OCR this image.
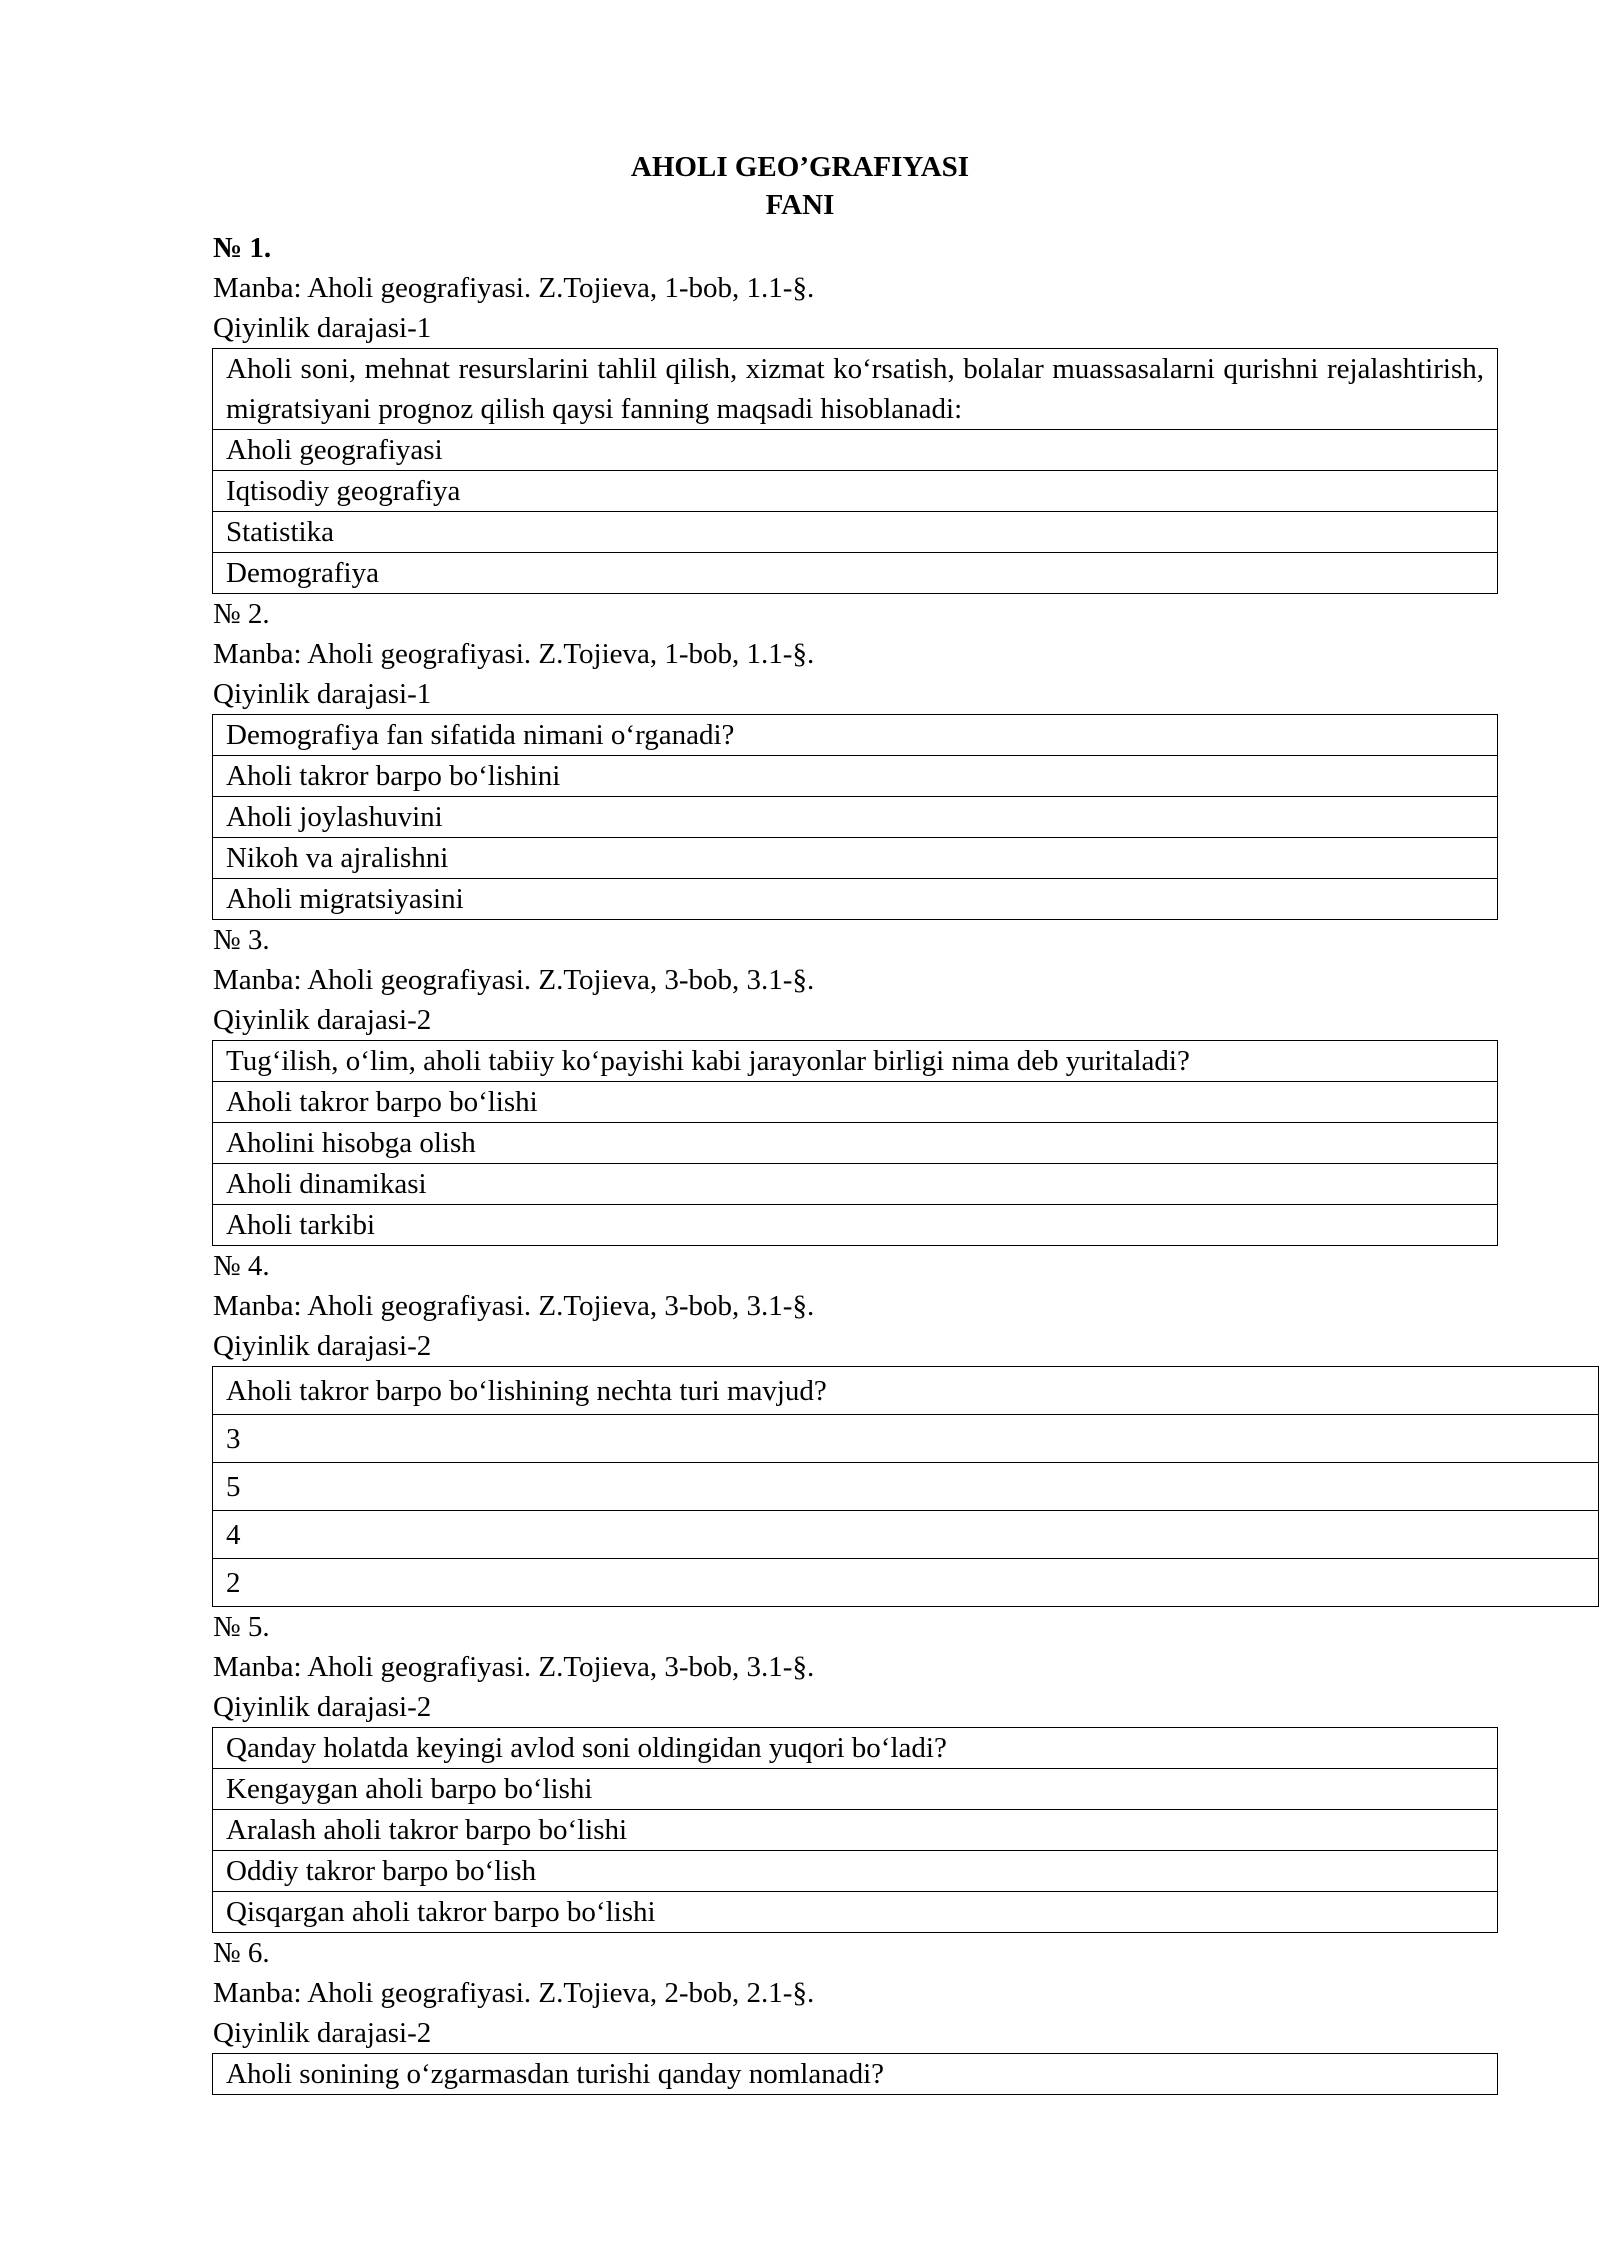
AHOLI GEO’GRAFIYASI
FANI
№ 1.
Manba: Aholi geografiyasi. Z.Tojieva, 1-bob, 1.1-§.
Qiyinlik darajasi-1
Aholi soni, mehnat resurslarini tahlil qilish, xizmat ko‘rsatish, bolalar muassasalarni qurishni rejalashtirish, migratsiyani prognoz qilish qaysi fanning maqsadi hisoblanadi:
Aholi geografiyasi
Iqtisodiy geografiya
Statistika
Demografiya
№ 2.
Manba: Aholi geografiyasi. Z.Tojieva, 1-bob, 1.1-§.
Qiyinlik darajasi-1
Demografiya fan sifatida nimani o‘rganadi?
Aholi takror barpo bo‘lishini
Aholi joylashuvini
Nikoh va ajralishni
Aholi migratsiyasini
№ 3.
Manba: Aholi geografiyasi. Z.Tojieva, 3-bob, 3.1-§.
Qiyinlik darajasi-2
Tug‘ilish, o‘lim, aholi tabiiy ko‘payishi kabi jarayonlar birligi nima deb yuritaladi?
Aholi takror barpo bo‘lishi
Aholini hisobga olish
Aholi dinamikasi
Aholi tarkibi
№ 4.
Manba: Aholi geografiyasi. Z.Tojieva, 3-bob, 3.1-§.
Qiyinlik darajasi-2
Aholi takror barpo bo‘lishining nechta turi mavjud?
3
5
4
2
№ 5.
Manba: Aholi geografiyasi. Z.Tojieva, 3-bob, 3.1-§.
Qiyinlik darajasi-2
Qanday holatda keyingi avlod soni oldingidan yuqori bo‘ladi?
Kengaygan aholi barpo bo‘lishi
Aralash aholi takror barpo bo‘lishi
Oddiy takror barpo bo‘lish
Qisqargan aholi takror barpo bo‘lishi
№ 6.
Manba: Aholi geografiyasi. Z.Tojieva, 2-bob, 2.1-§.
Qiyinlik darajasi-2
Aholi sonining o‘zgarmasdan turishi qanday nomlanadi?
